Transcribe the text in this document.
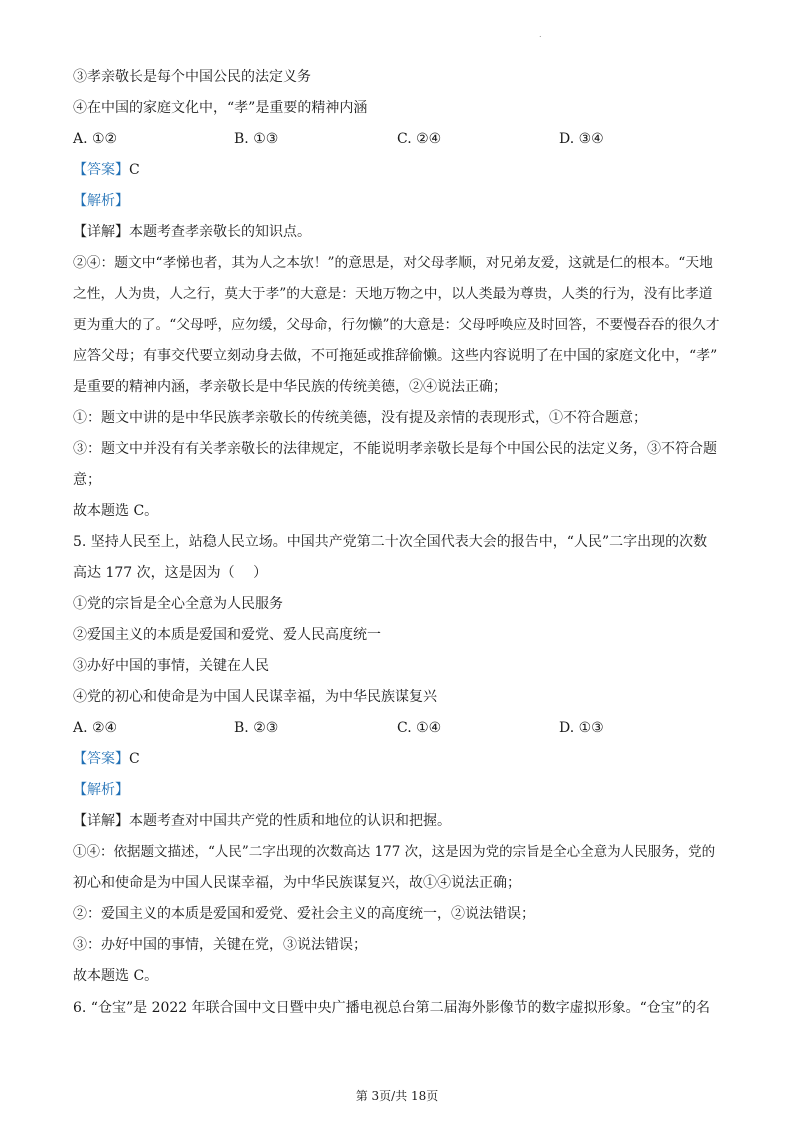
.
③孝亲敬长是每个中国公民的法定义务
④在中国的家庭文化中，“孝”是重要的精神内涵
A. ①②	B. ①③	C. ②④	D. ③④
【答案】C
【解析】
【详解】本题考查孝亲敬长的知识点。
②④：题文中“孝悌也者，其为人之本欤！”的意思是，对父母孝顺，对兄弟友爱，这就是仁的根本。“天地
之性，人为贵，人之行，莫大于孝”的大意是：天地万物之中，以人类最为尊贵，人类的行为，没有比孝道
更为重大的了。“父母呼，应勿缓，父母命，行勿懒”的大意是：父母呼唤应及时回答，不要慢吞吞的很久才
应答父母；有事交代要立刻动身去做，不可拖延或推辞偷懒。这些内容说明了在中国的家庭文化中，“孝”
是重要的精神内涵，孝亲敬长是中华民族的传统美德，②④说法正确；
①：题文中讲的是中华民族孝亲敬长的传统美德，没有提及亲情的表现形式，①不符合题意；
③：题文中并没有有关孝亲敬长的法律规定，不能说明孝亲敬长是每个中国公民的法定义务，③不符合题
意；
故本题选 C。
5. 坚持人民至上，站稳人民立场。中国共产党第二十次全国代表大会的报告中，“人民”二字出现的次数
高达 177 次，这是因为（　 ）
①党的宗旨是全心全意为人民服务
②爱国主义的本质是爱国和爱党、爱人民高度统一
③办好中国的事情，关键在人民
④党的初心和使命是为中国人民谋幸福，为中华民族谋复兴
A. ②④	B. ②③	C. ①④	D. ①③
【答案】C
【解析】
【详解】本题考查对中国共产党的性质和地位的认识和把握。
①④：依据题文描述，“人民”二字出现的次数高达 177 次，这是因为党的宗旨是全心全意为人民服务，党的
初心和使命是为中国人民谋幸福，为中华民族谋复兴，故①④说法正确；
②：爱国主义的本质是爱国和爱党、爱社会主义的高度统一，②说法错误；
③：办好中国的事情，关键在党，③说法错误；
故本题选 C。
6. “仓宝”是 2022 年联合国中文日暨中央广播电视总台第二届海外影像节的数字虚拟形象。“仓宝”的名
第 3页/共 18页
